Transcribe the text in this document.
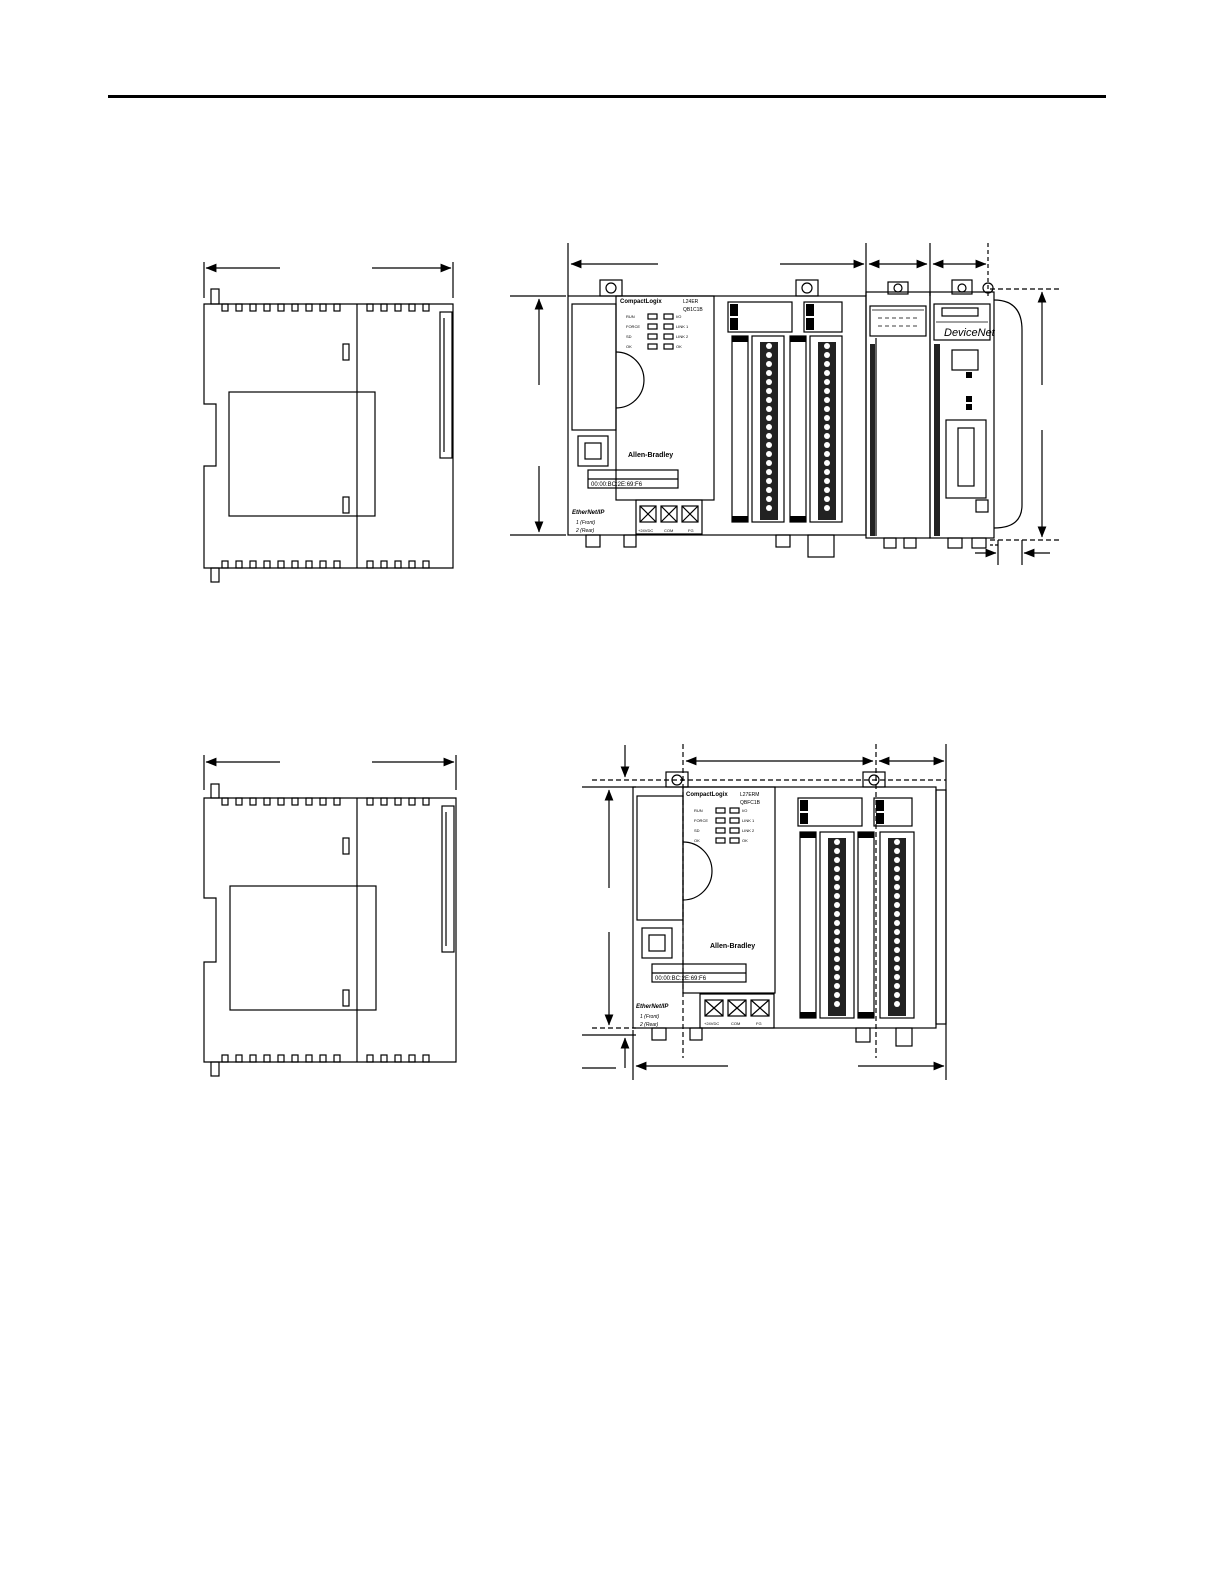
CompactLogix	L24ER
QB1C1B
RUN
FORCE
SD
OK
I/O
LINK 1
LINK 2
OK
Allen-Bradley
00:00:BC:2E:69:F6
EtherNet/IP
1 (Front)
2 (Rear)	+24VDC	COM	FG
DeviceNet
CompactLogix L27ERM
QBFC1B
RUN
FORCE
SD
OK
I/O
LINK 1
LINK 2
OK
Allen-Bradley
00:00:BC:2E:69:F6
EtherNet/IP
1 (Front)
2 (Rear)	+24VDC	COM	FG
